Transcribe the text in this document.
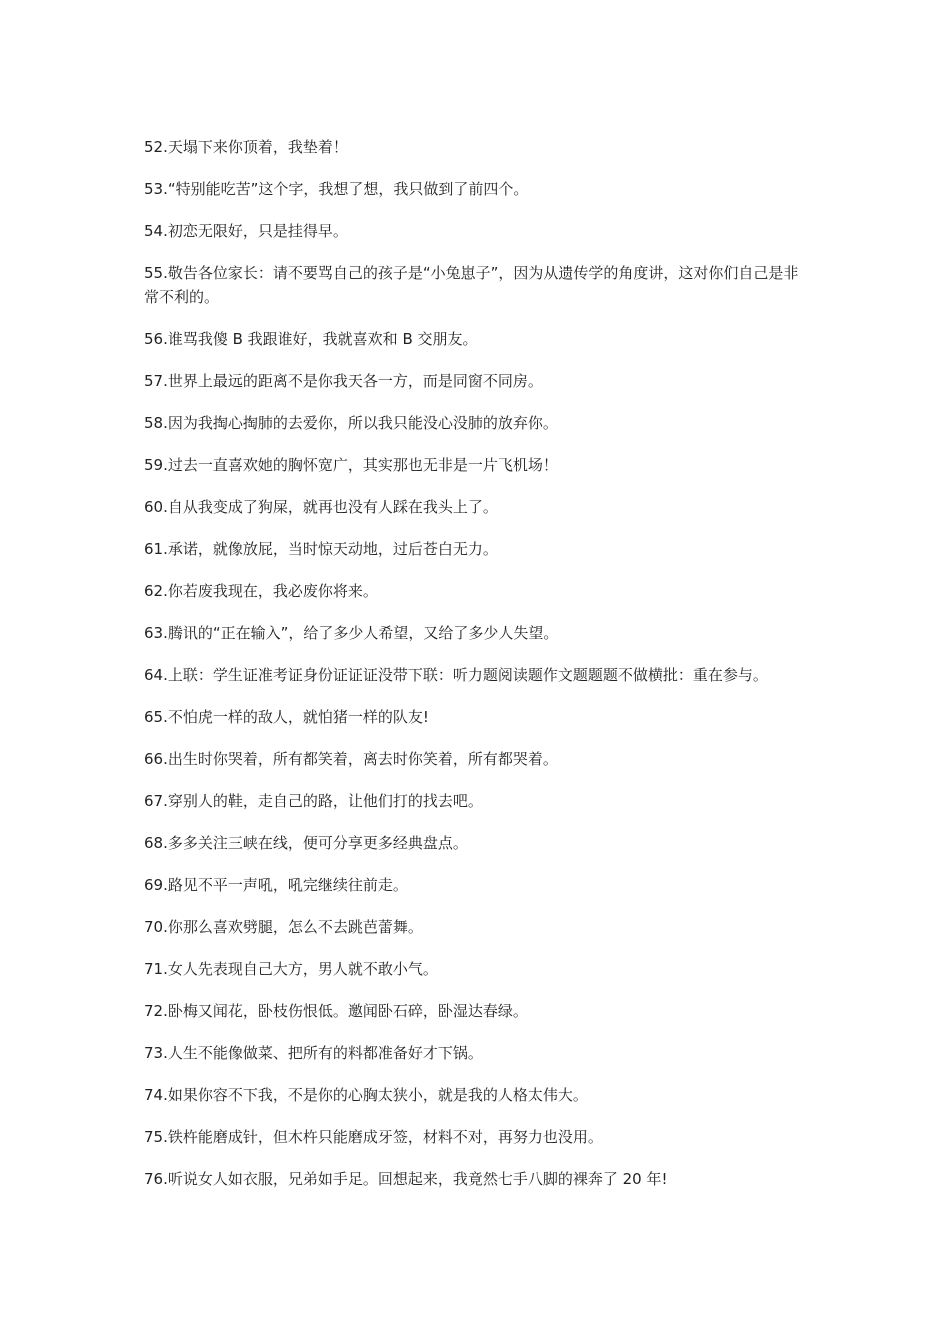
52.天塌下来你顶着，我垫着！

53.“特别能吃苦”这个字，我想了想，我只做到了前四个。

54.初恋无限好，只是挂得早。

55.敬告各位家长：请不要骂自己的孩子是“小兔崽子”，因为从遗传学的角度讲，这对你们自己是非常不利的。

56.谁骂我傻 B 我跟谁好，我就喜欢和 B 交朋友。

57.世界上最远的距离不是你我天各一方，而是同窗不同房。

58.因为我掏心掏肺的去爱你，所以我只能没心没肺的放弃你。

59.过去一直喜欢她的胸怀宽广，其实那也无非是一片飞机场！

60.自从我变成了狗屎，就再也没有人踩在我头上了。

61.承诺，就像放屁，当时惊天动地，过后苍白无力。

62.你若废我现在，我必废你将来。

63.腾讯的“正在输入”，给了多少人希望，又给了多少人失望。

64.上联：学生证准考证身份证证证没带下联：听力题阅读题作文题题题不做横批：重在参与。

65.不怕虎一样的敌人，就怕猪一样的队友!

66.出生时你哭着，所有都笑着，离去时你笑着，所有都哭着。

67.穿别人的鞋，走自己的路，让他们打的找去吧。

68.多多关注三峡在线，便可分享更多经典盘点。

69.路见不平一声吼，吼完继续往前走。

70.你那么喜欢劈腿，怎么不去跳芭蕾舞。

71.女人先表现自己大方，男人就不敢小气。

72.卧梅又闻花，卧枝伤恨低。邀闻卧石碎，卧湿达春绿。

73.人生不能像做菜、把所有的料都准备好才下锅。

74.如果你容不下我，不是你的心胸太狭小，就是我的人格太伟大。

75.铁杵能磨成针，但木杵只能磨成牙签，材料不对，再努力也没用。

76.听说女人如衣服，兄弟如手足。回想起来，我竟然七手八脚的裸奔了 20 年!
